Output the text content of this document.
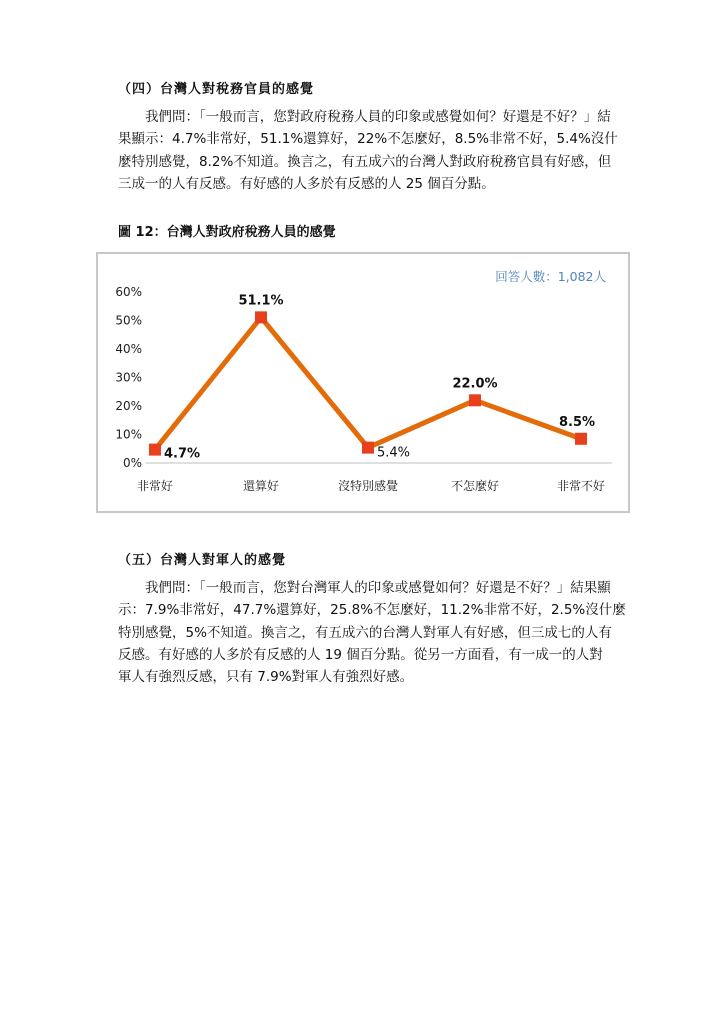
（四）台灣人對稅務官員的感覺
　　我們問：「一般而言，您對政府稅務人員的印象或感覺如何？好還是不好？」結
果顯示：4.7%非常好，51.1%還算好，22%不怎麼好，8.5%非常不好，5.4%沒什
麼特別感覺，8.2%不知道。換言之，有五成六的台灣人對政府稅務官員有好感，但
三成一的人有反感。有好感的人多於有反感的人 25 個百分點。
圖 12：台灣人對政府稅務人員的感覺
回答人數：1,082人
0%
10%
20%
30%
40%
50%
60%
非常好	還算好	沒特別感覺	不怎麼好	非常不好
4.7%
51.1%
5.4%
22.0%
8.5%
（五）台灣人對軍人的感覺
　　我們問：「一般而言，您對台灣軍人的印象或感覺如何？好還是不好？」結果顯
示：7.9%非常好，47.7%還算好，25.8%不怎麼好，11.2%非常不好，2.5%沒什麼
特別感覺，5%不知道。換言之，有五成六的台灣人對軍人有好感，但三成七的人有
反感。有好感的人多於有反感的人 19 個百分點。從另一方面看，有一成一的人對
軍人有強烈反感，只有 7.9%對軍人有強烈好感。
